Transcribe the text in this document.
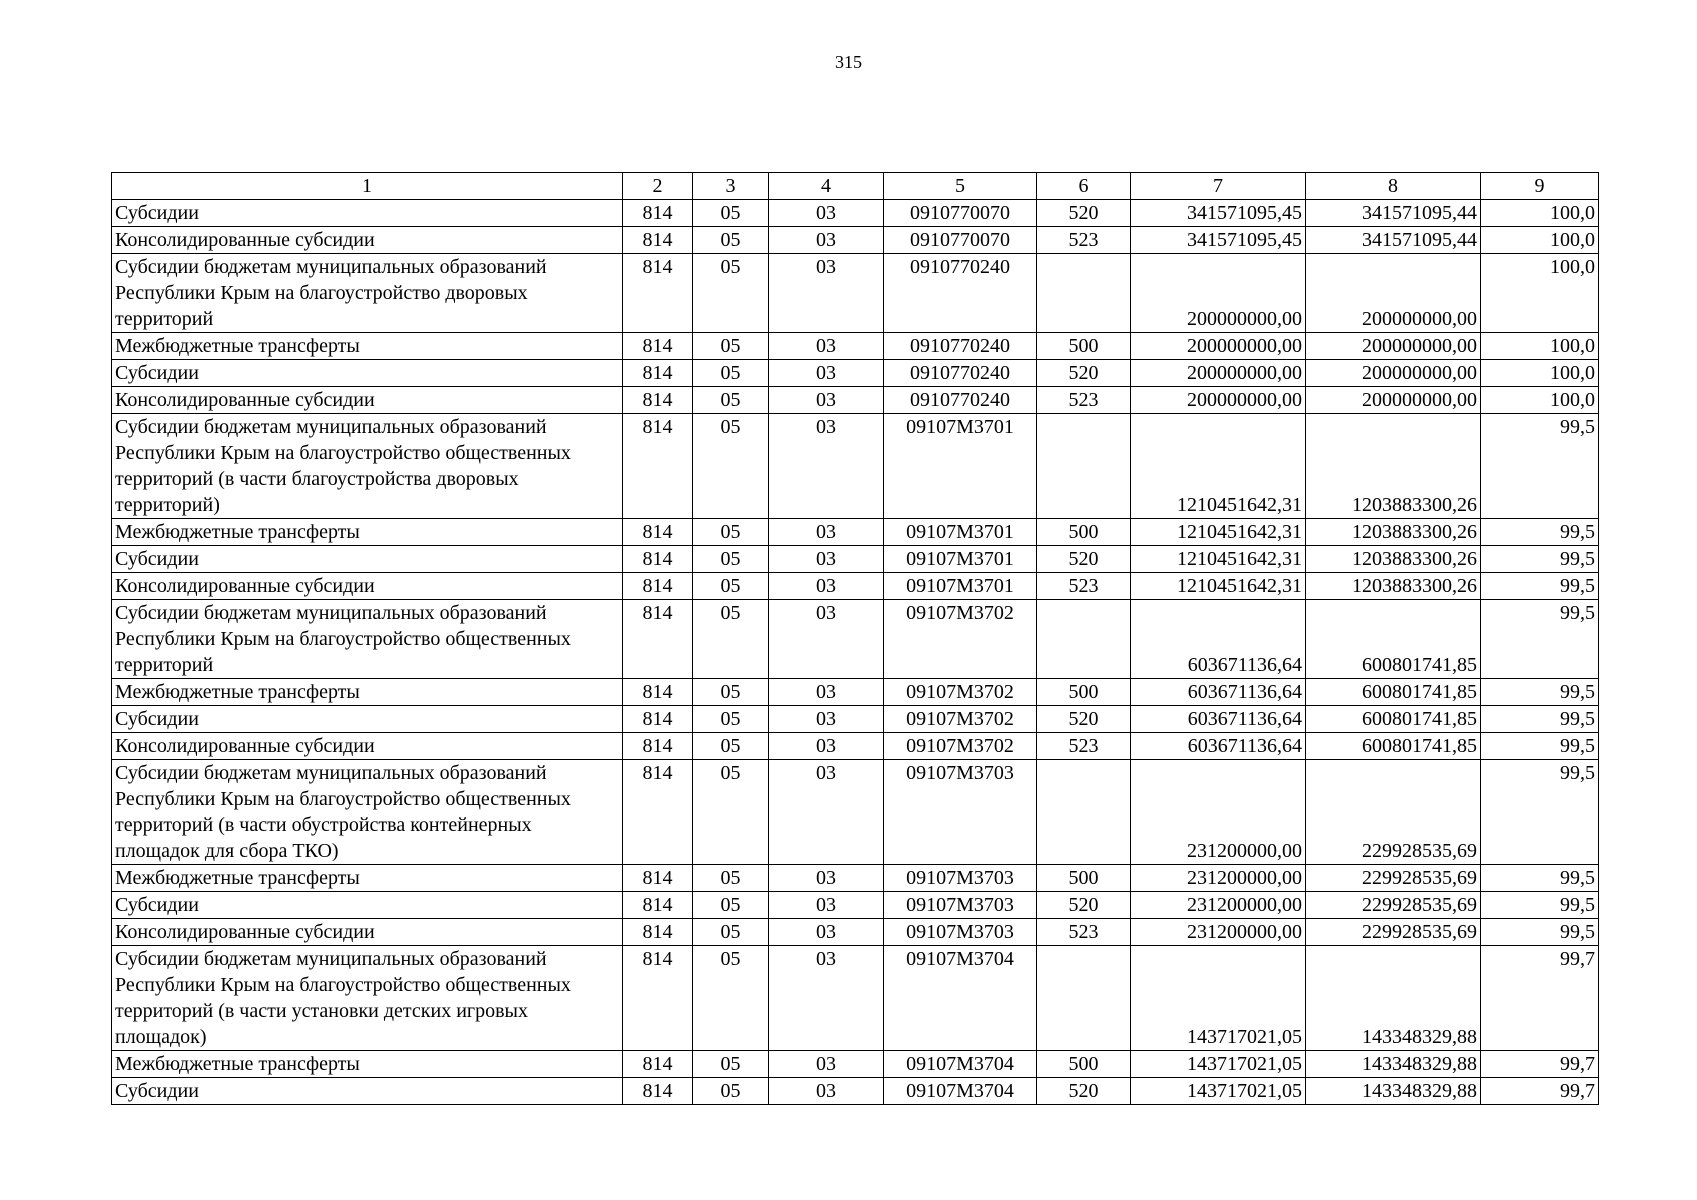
315
1	2	3	4	5	6	7	8	9
Субсидии	814	05	03	0910770070	520	341571095,45	341571095,44	100,0
Консолидированные субсидии	814	05	03	0910770070	523	341571095,45	341571095,44	100,0
Субсидии бюджетам муниципальных образований Республики Крым на благоустройство дворовых территорий	814	05	03	0910770240		200000000,00	200000000,00	100,0
Межбюджетные трансферты	814	05	03	0910770240	500	200000000,00	200000000,00	100,0
Субсидии	814	05	03	0910770240	520	200000000,00	200000000,00	100,0
Консолидированные субсидии	814	05	03	0910770240	523	200000000,00	200000000,00	100,0
Субсидии бюджетам муниципальных образований Республики Крым на благоустройство общественных территорий (в части благоустройства дворовых территорий)	814	05	03	09107M3701		1210451642,31	1203883300,26	99,5
Межбюджетные трансферты	814	05	03	09107M3701	500	1210451642,31	1203883300,26	99,5
Субсидии	814	05	03	09107M3701	520	1210451642,31	1203883300,26	99,5
Консолидированные субсидии	814	05	03	09107M3701	523	1210451642,31	1203883300,26	99,5
Субсидии бюджетам муниципальных образований Республики Крым на благоустройство общественных территорий	814	05	03	09107M3702		603671136,64	600801741,85	99,5
Межбюджетные трансферты	814	05	03	09107M3702	500	603671136,64	600801741,85	99,5
Субсидии	814	05	03	09107M3702	520	603671136,64	600801741,85	99,5
Консолидированные субсидии	814	05	03	09107M3702	523	603671136,64	600801741,85	99,5
Субсидии бюджетам муниципальных образований Республики Крым на благоустройство общественных территорий (в части обустройства контейнерных площадок для сбора ТКО)	814	05	03	09107M3703		231200000,00	229928535,69	99,5
Межбюджетные трансферты	814	05	03	09107M3703	500	231200000,00	229928535,69	99,5
Субсидии	814	05	03	09107M3703	520	231200000,00	229928535,69	99,5
Консолидированные субсидии	814	05	03	09107M3703	523	231200000,00	229928535,69	99,5
Субсидии бюджетам муниципальных образований Республики Крым на благоустройство общественных территорий (в части установки детских игровых площадок)	814	05	03	09107M3704		143717021,05	143348329,88	99,7
Межбюджетные трансферты	814	05	03	09107M3704	500	143717021,05	143348329,88	99,7
Субсидии	814	05	03	09107M3704	520	143717021,05	143348329,88	99,7
